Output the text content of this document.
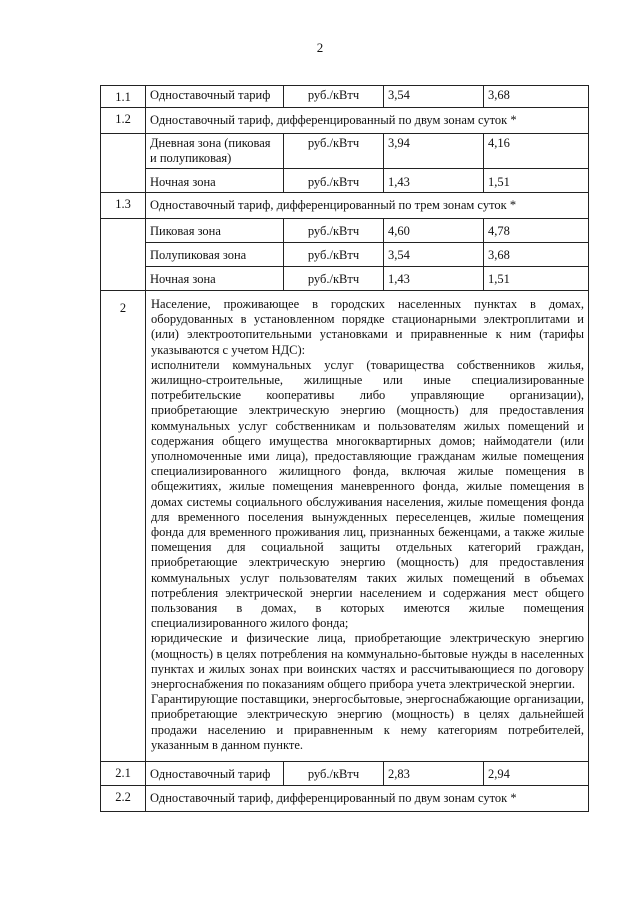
2
1.1	Одноставочный тариф	руб./кВтч	3,54	3,68
1.2	Одноставочный тариф, дифференцированный по двум зонам суток *			
	Дневная зона (пиковая и полупиковая)	руб./кВтч	3,94	4,16
	Ночная зона	руб./кВтч	1,43	1,51
1.3	Одноставочный тариф, дифференцированный по трем зонам суток *			
	Пиковая зона	руб./кВтч	4,60	4,78
	Полупиковая зона	руб./кВтч	3,54	3,68
	Ночная зона	руб./кВтч	1,43	1,51
2	Население, проживающее в городских населенных пунктах в домах, оборудованных в установленном порядке стационарными электроплитами и (или) электроотопительными установками и приравненные к ним (тарифы указываются с учетом НДС):

исполнители коммунальных услуг (товарищества собственников жилья, жилищно-строительные, жилищные или иные специализированные потребительские кооперативы либо управляющие организации), приобретающие электрическую энергию (мощность) для предоставления коммунальных услуг собственникам и пользователям жилых помещений и содержания общего имущества многоквартирных домов; наймодатели (или уполномоченные ими лица), предоставляющие гражданам жилые помещения специализированного жилищного фонда, включая жилые помещения в общежитиях, жилые помещения маневренного фонда, жилые помещения в домах системы социального обслуживания населения, жилые помещения фонда для временного поселения вынужденных переселенцев, жилые помещения фонда для временного проживания лиц, признанных беженцами, а также жилые помещения для социальной защиты отдельных категорий граждан, приобретающие электрическую энергию (мощность) для предоставления коммунальных услуг пользователям таких жилых помещений в объемах потребления электрической энергии населением и содержания мест общего пользования в домах, в которых имеются жилые помещения специализированного жилого фонда;

юридические и физические лица, приобретающие электрическую энергию (мощность) в целях потребления на коммунально-бытовые нужды в населенных пунктах и жилых зонах при воинских частях и рассчитывающиеся по договору энергоснабжения по показаниям общего прибора учета электрической энергии.

Гарантирующие поставщики, энергосбытовые, энергоснабжающие организации, приобретающие электрическую энергию (мощность) в целях дальнейшей продажи населению и приравненным к нему категориям потребителей, указанным в данном пункте.			

2.1	Одноставочный тариф	руб./кВтч	2,83	2,94
2.2	Одноставочный тариф, дифференцированный по двум зонам суток *			
